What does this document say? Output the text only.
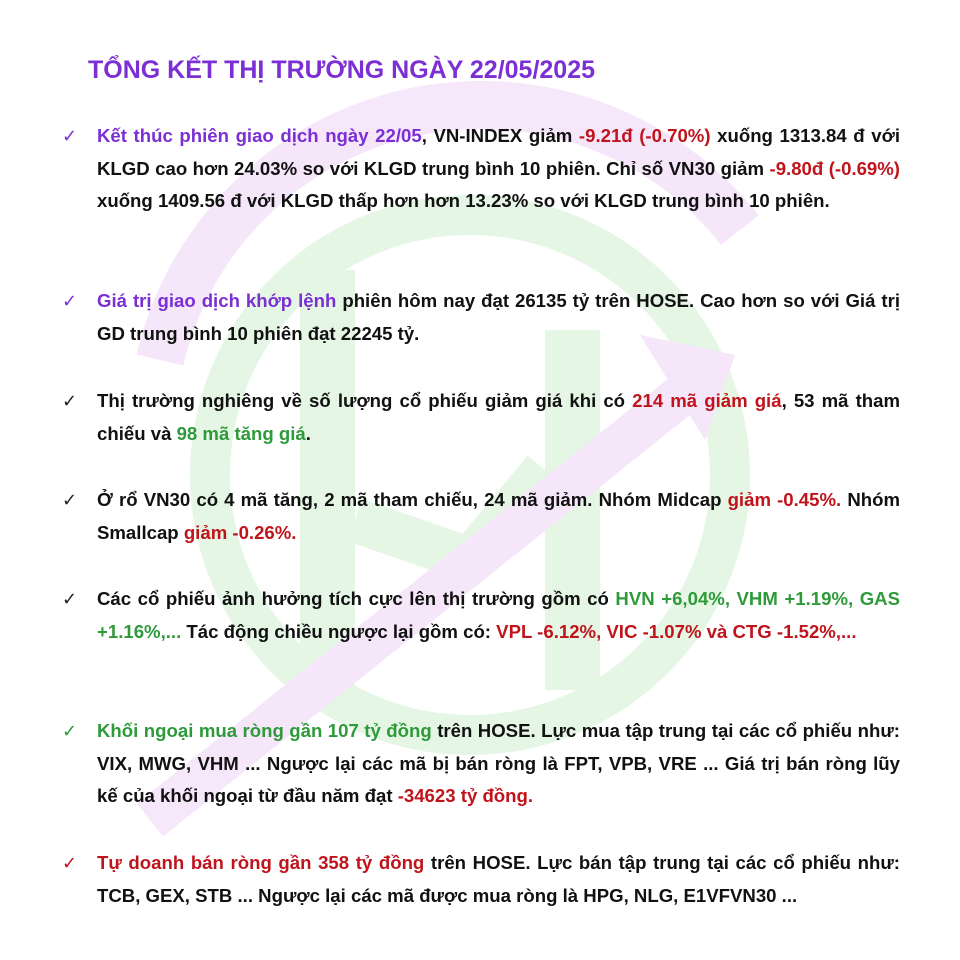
TỔNG KẾT THỊ TRƯỜNG NGÀY 22/05/2025
✓ Kết thúc phiên giao dịch ngày 22/05, VN-INDEX giảm -9.21đ (-0.70%) xuống 1313.84 đ với KLGD cao hơn 24.03% so với KLGD trung bình 10 phiên. Chỉ số VN30 giảm -9.80đ (-0.69%) xuống 1409.56 đ với KLGD thấp hơn hơn 13.23% so với KLGD trung bình 10 phiên.
✓ Giá trị giao dịch khớp lệnh phiên hôm nay đạt 26135 tỷ trên HOSE. Cao hơn so với Giá trị GD trung bình 10 phiên đạt 22245 tỷ.
✓ Thị trường nghiêng về số lượng cổ phiếu giảm giá khi có 214 mã giảm giá, 53 mã tham chiếu và 98 mã tăng giá.
✓ Ở rổ VN30 có 4 mã tăng, 2 mã tham chiếu, 24 mã giảm. Nhóm Midcap giảm -0.45%. Nhóm Smallcap giảm -0.26%.
✓ Các cổ phiếu ảnh hưởng tích cực lên thị trường gồm có HVN +6,04%, VHM +1.19%, GAS +1.16%,... Tác động chiều ngược lại gồm có: VPL -6.12%, VIC -1.07% và CTG -1.52%,...
✓ Khối ngoại mua ròng gần 107 tỷ đồng trên HOSE. Lực mua tập trung tại các cổ phiếu như: VIX, MWG, VHM ... Ngược lại các mã bị bán ròng là FPT, VPB, VRE ... Giá trị bán ròng lũy kế của khối ngoại từ đầu năm đạt -34623 tỷ đồng.
✓ Tự doanh bán ròng gần 358 tỷ đồng trên HOSE. Lực bán tập trung tại các cổ phiếu như: TCB, GEX, STB ... Ngược lại các mã được mua ròng là HPG, NLG, E1VFVN30 ...
